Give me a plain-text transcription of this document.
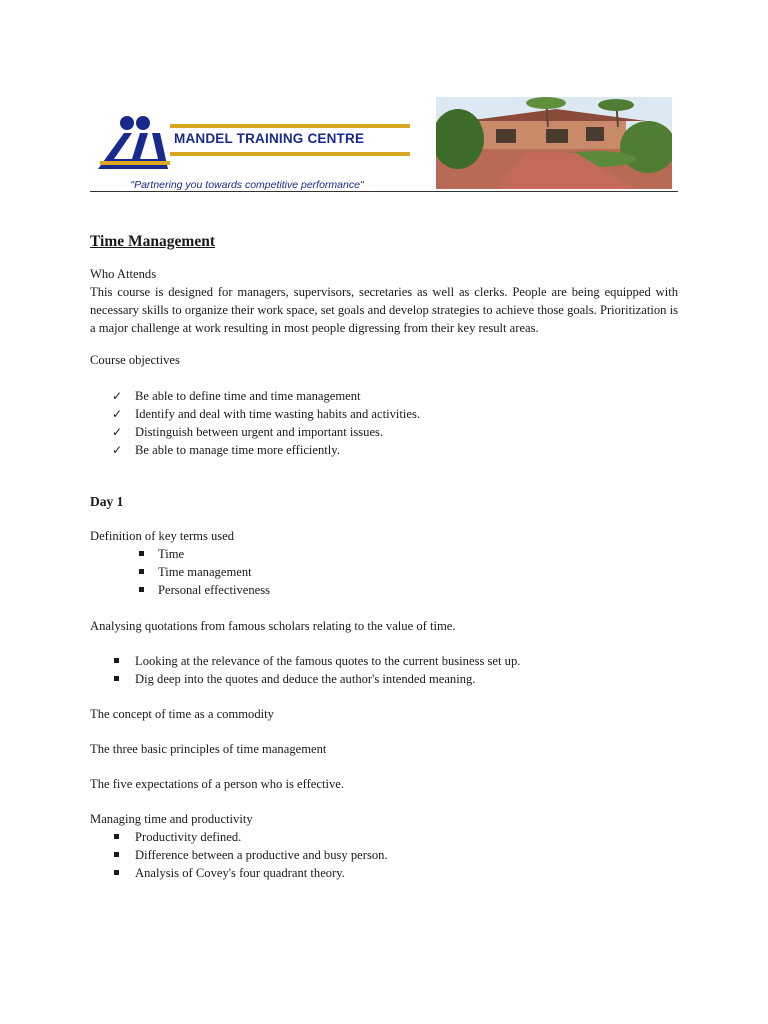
MANDEL TRAINING CENTRE
"Partnering you towards competitive performance"
Time Management

Who Attends

This course is designed for managers, supervisors, secretaries as well as clerks. People are being equipped with necessary skills to organize their work space, set goals and develop strategies to achieve those goals. Prioritization is a major challenge at work resulting in most people digressing from their key result areas.

Course objectives

✓ Be able to define time and time management
✓ Identify and deal with time wasting habits and activities.
✓ Distinguish between urgent and important issues.
✓ Be able to manage time more efficiently.

Day 1

Definition of key terms used

Time
Time management
Personal effectiveness

Analysing quotations from famous scholars relating to the value of time.

Looking at the relevance of the famous quotes to the current business set up.
Dig deep into the quotes and deduce the author's intended meaning.

The concept of time as a commodity

The three basic principles of time management

The five expectations of a person who is effective.

Managing time and productivity

Productivity defined.
Difference between a productive and busy person.
Analysis of Covey's four quadrant theory.
